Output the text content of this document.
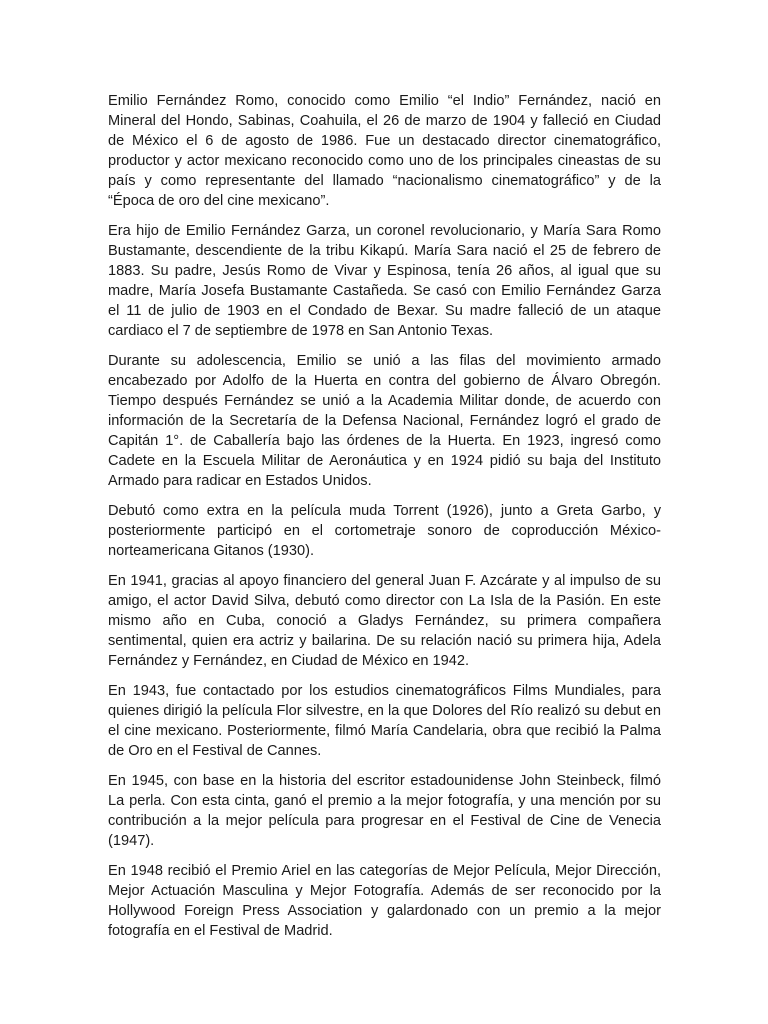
Emilio Fernández Romo, conocido como Emilio “el Indio” Fernández, nació en Mineral del Hondo, Sabinas, Coahuila, el 26 de marzo de 1904 y falleció en Ciudad de México el 6 de agosto de 1986. Fue un destacado director cinematográfico, productor y actor mexicano reconocido como uno de los principales cineastas de su país y como representante del llamado “nacionalismo cinematográfico” y de la “Época de oro del cine mexicano”.

Era hijo de Emilio Fernández Garza, un coronel revolucionario, y María Sara Romo Bustamante, descendiente de la tribu Kikapú. María Sara nació el 25 de febrero de 1883. Su padre, Jesús Romo de Vivar y Espinosa, tenía 26 años, al igual que su madre, María Josefa Bustamante Castañeda. Se casó con Emilio Fernández Garza el 11 de julio de 1903 en el Condado de Bexar. Su madre falleció de un ataque cardiaco el 7 de septiembre de 1978 en San Antonio Texas.

Durante su adolescencia, Emilio se unió a las filas del movimiento armado encabezado por Adolfo de la Huerta en contra del gobierno de Álvaro Obregón. Tiempo después Fernández se unió a la Academia Militar donde, de acuerdo con información de la Secretaría de la Defensa Nacional, Fernández logró el grado de Capitán 1°. de Caballería bajo las órdenes de la Huerta. En 1923, ingresó como Cadete en la Escuela Militar de Aeronáutica y en 1924 pidió su baja del Instituto Armado para radicar en Estados Unidos.

Debutó como extra en la película muda Torrent (1926), junto a Greta Garbo, y posteriormente participó en el cortometraje sonoro de coproducción México-norteamericana Gitanos (1930).

En 1941, gracias al apoyo financiero del general Juan F. Azcárate y al impulso de su amigo, el actor David Silva, debutó como director con La Isla de la Pasión. En este mismo año en Cuba, conoció a Gladys Fernández, su primera compañera sentimental, quien era actriz y bailarina. De su relación nació su primera hija, Adela Fernández y Fernández, en Ciudad de México en 1942.

En 1943, fue contactado por los estudios cinematográficos Films Mundiales, para quienes dirigió la película Flor silvestre, en la que Dolores del Río realizó su debut en el cine mexicano. Posteriormente, filmó María Candelaria, obra que recibió la Palma de Oro en el Festival de Cannes.

En 1945, con base en la historia del escritor estadounidense John Steinbeck, filmó La perla. Con esta cinta, ganó el premio a la mejor fotografía, y una mención por su contribución a la mejor película para progresar en el Festival de Cine de Venecia (1947).

En 1948 recibió el Premio Ariel en las categorías de Mejor Película, Mejor Dirección, Mejor Actuación Masculina y Mejor Fotografía. Además de ser reconocido por la Hollywood Foreign Press Association y galardonado con un premio a la mejor fotografía en el Festival de Madrid.
